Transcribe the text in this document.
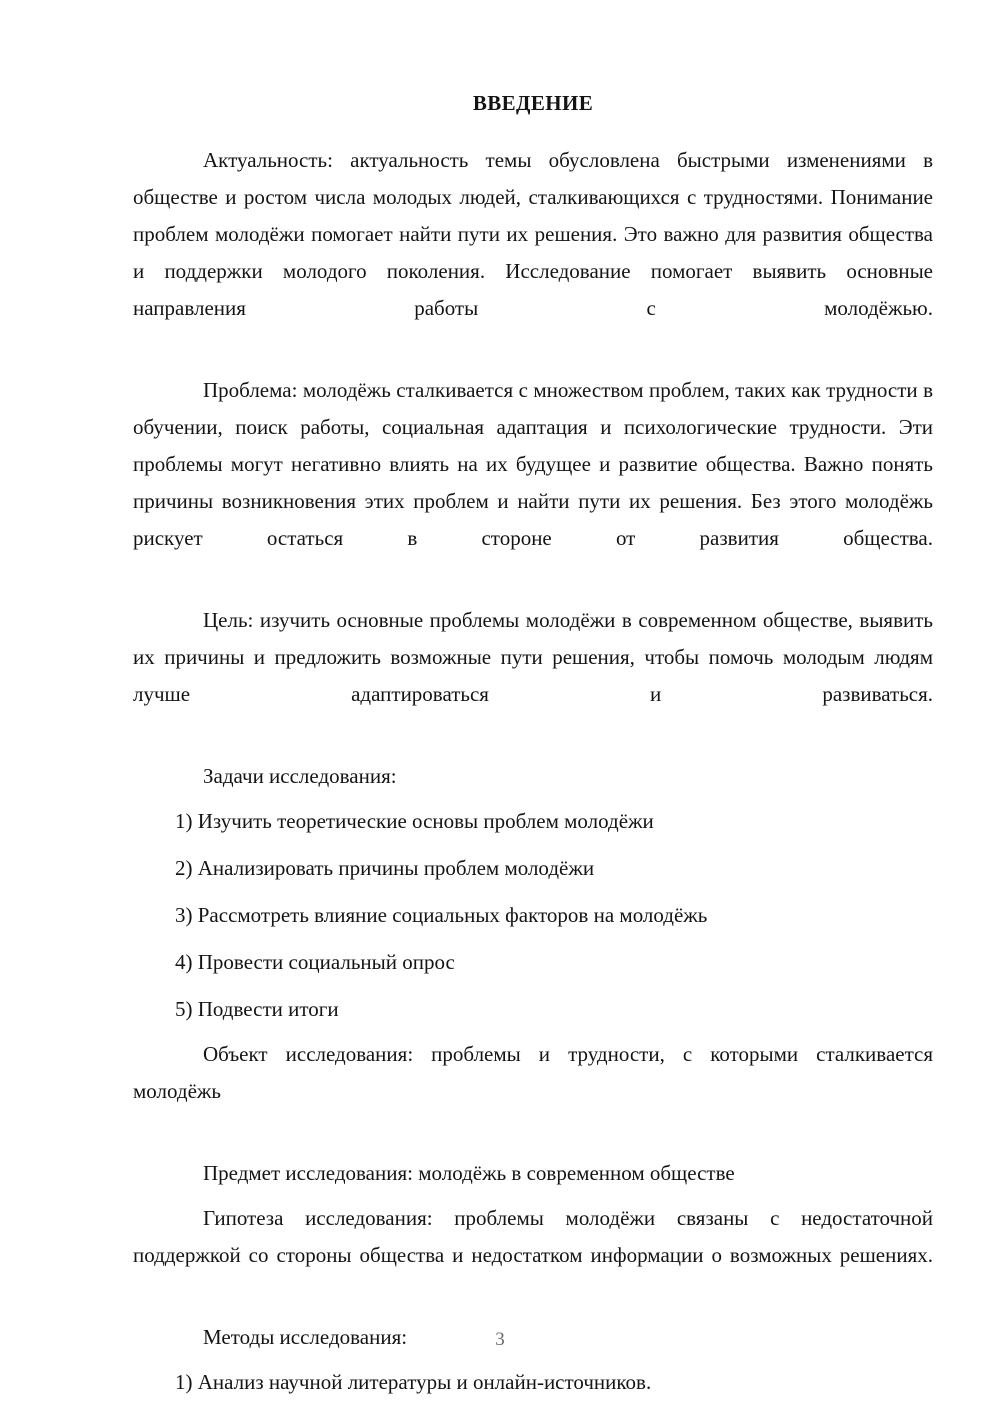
ВВЕДЕНИЕ

Актуальность: актуальность темы обусловлена быстрыми изменениями в обществе и ростом числа молодых людей, сталкивающихся с трудностями. Понимание проблем молодёжи помогает найти пути их решения. Это важно для развития общества и поддержки молодого поколения. Исследование помогает выявить основные направления работы с молодёжью.

Проблема: молодёжь сталкивается с множеством проблем, таких как трудности в обучении, поиск работы, социальная адаптация и психологические трудности. Эти проблемы могут негативно влиять на их будущее и развитие общества. Важно понять причины возникновения этих проблем и найти пути их решения. Без этого молодёжь рискует остаться в стороне от развития общества.

Цель: изучить основные проблемы молодёжи в современном обществе, выявить их причины и предложить возможные пути решения, чтобы помочь молодым людям лучше адаптироваться и развиваться.

Задачи исследования:

1) Изучить теоретические основы проблем молодёжи
2) Анализировать причины проблем молодёжи
3) Рассмотреть влияние социальных факторов на молодёжь
4) Провести социальный опрос
5) Подвести итоги

Объект исследования: проблемы и трудности, с которыми сталкивается молодёжь

Предмет исследования: молодёжь в современном обществе

Гипотеза исследования: проблемы молодёжи связаны с недостаточной поддержкой со стороны общества и недостатком информации о возможных решениях.

Методы исследования:

1) Анализ научной литературы и онлайн-источников.
3
